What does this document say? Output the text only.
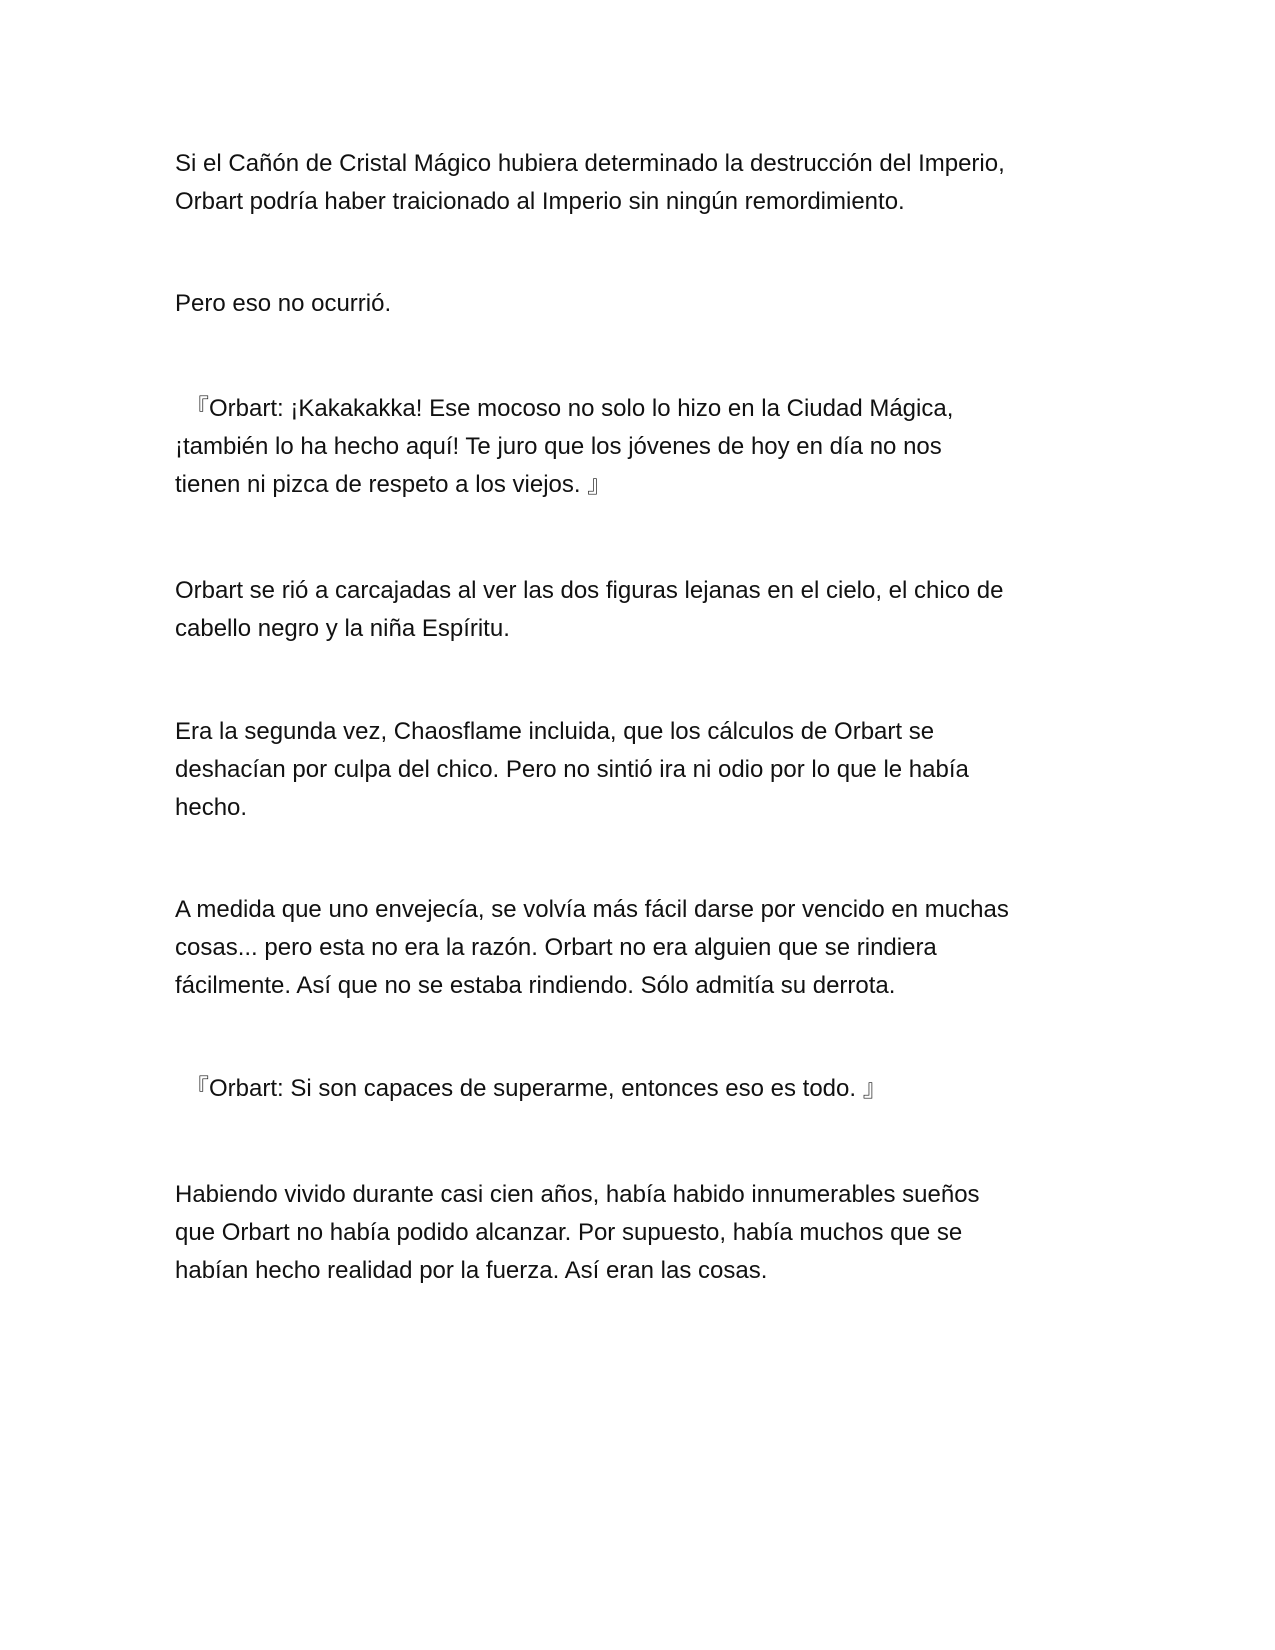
Si el Cañón de Cristal Mágico hubiera determinado la destrucción del Imperio,
Orbart podría haber traicionado al Imperio sin ningún remordimiento.

Pero eso no ocurrió.

『Orbart: ¡Kakakakka! Ese mocoso no solo lo hizo en la Ciudad Mágica,
¡también lo ha hecho aquí! Te juro que los jóvenes de hoy en día no nos
tienen ni pizca de respeto a los viejos. 』

Orbart se rió a carcajadas al ver las dos figuras lejanas en el cielo, el chico de
cabello negro y la niña Espíritu.

Era la segunda vez, Chaosflame incluida, que los cálculos de Orbart se
deshacían por culpa del chico. Pero no sintió ira ni odio por lo que le había
hecho.

A medida que uno envejecía, se volvía más fácil darse por vencido en muchas
cosas... pero esta no era la razón. Orbart no era alguien que se rindiera
fácilmente. Así que no se estaba rindiendo. Sólo admitía su derrota.

『Orbart: Si son capaces de superarme, entonces eso es todo. 』

Habiendo vivido durante casi cien años, había habido innumerables sueños
que Orbart no había podido alcanzar. Por supuesto, había muchos que se
habían hecho realidad por la fuerza. Así eran las cosas.
